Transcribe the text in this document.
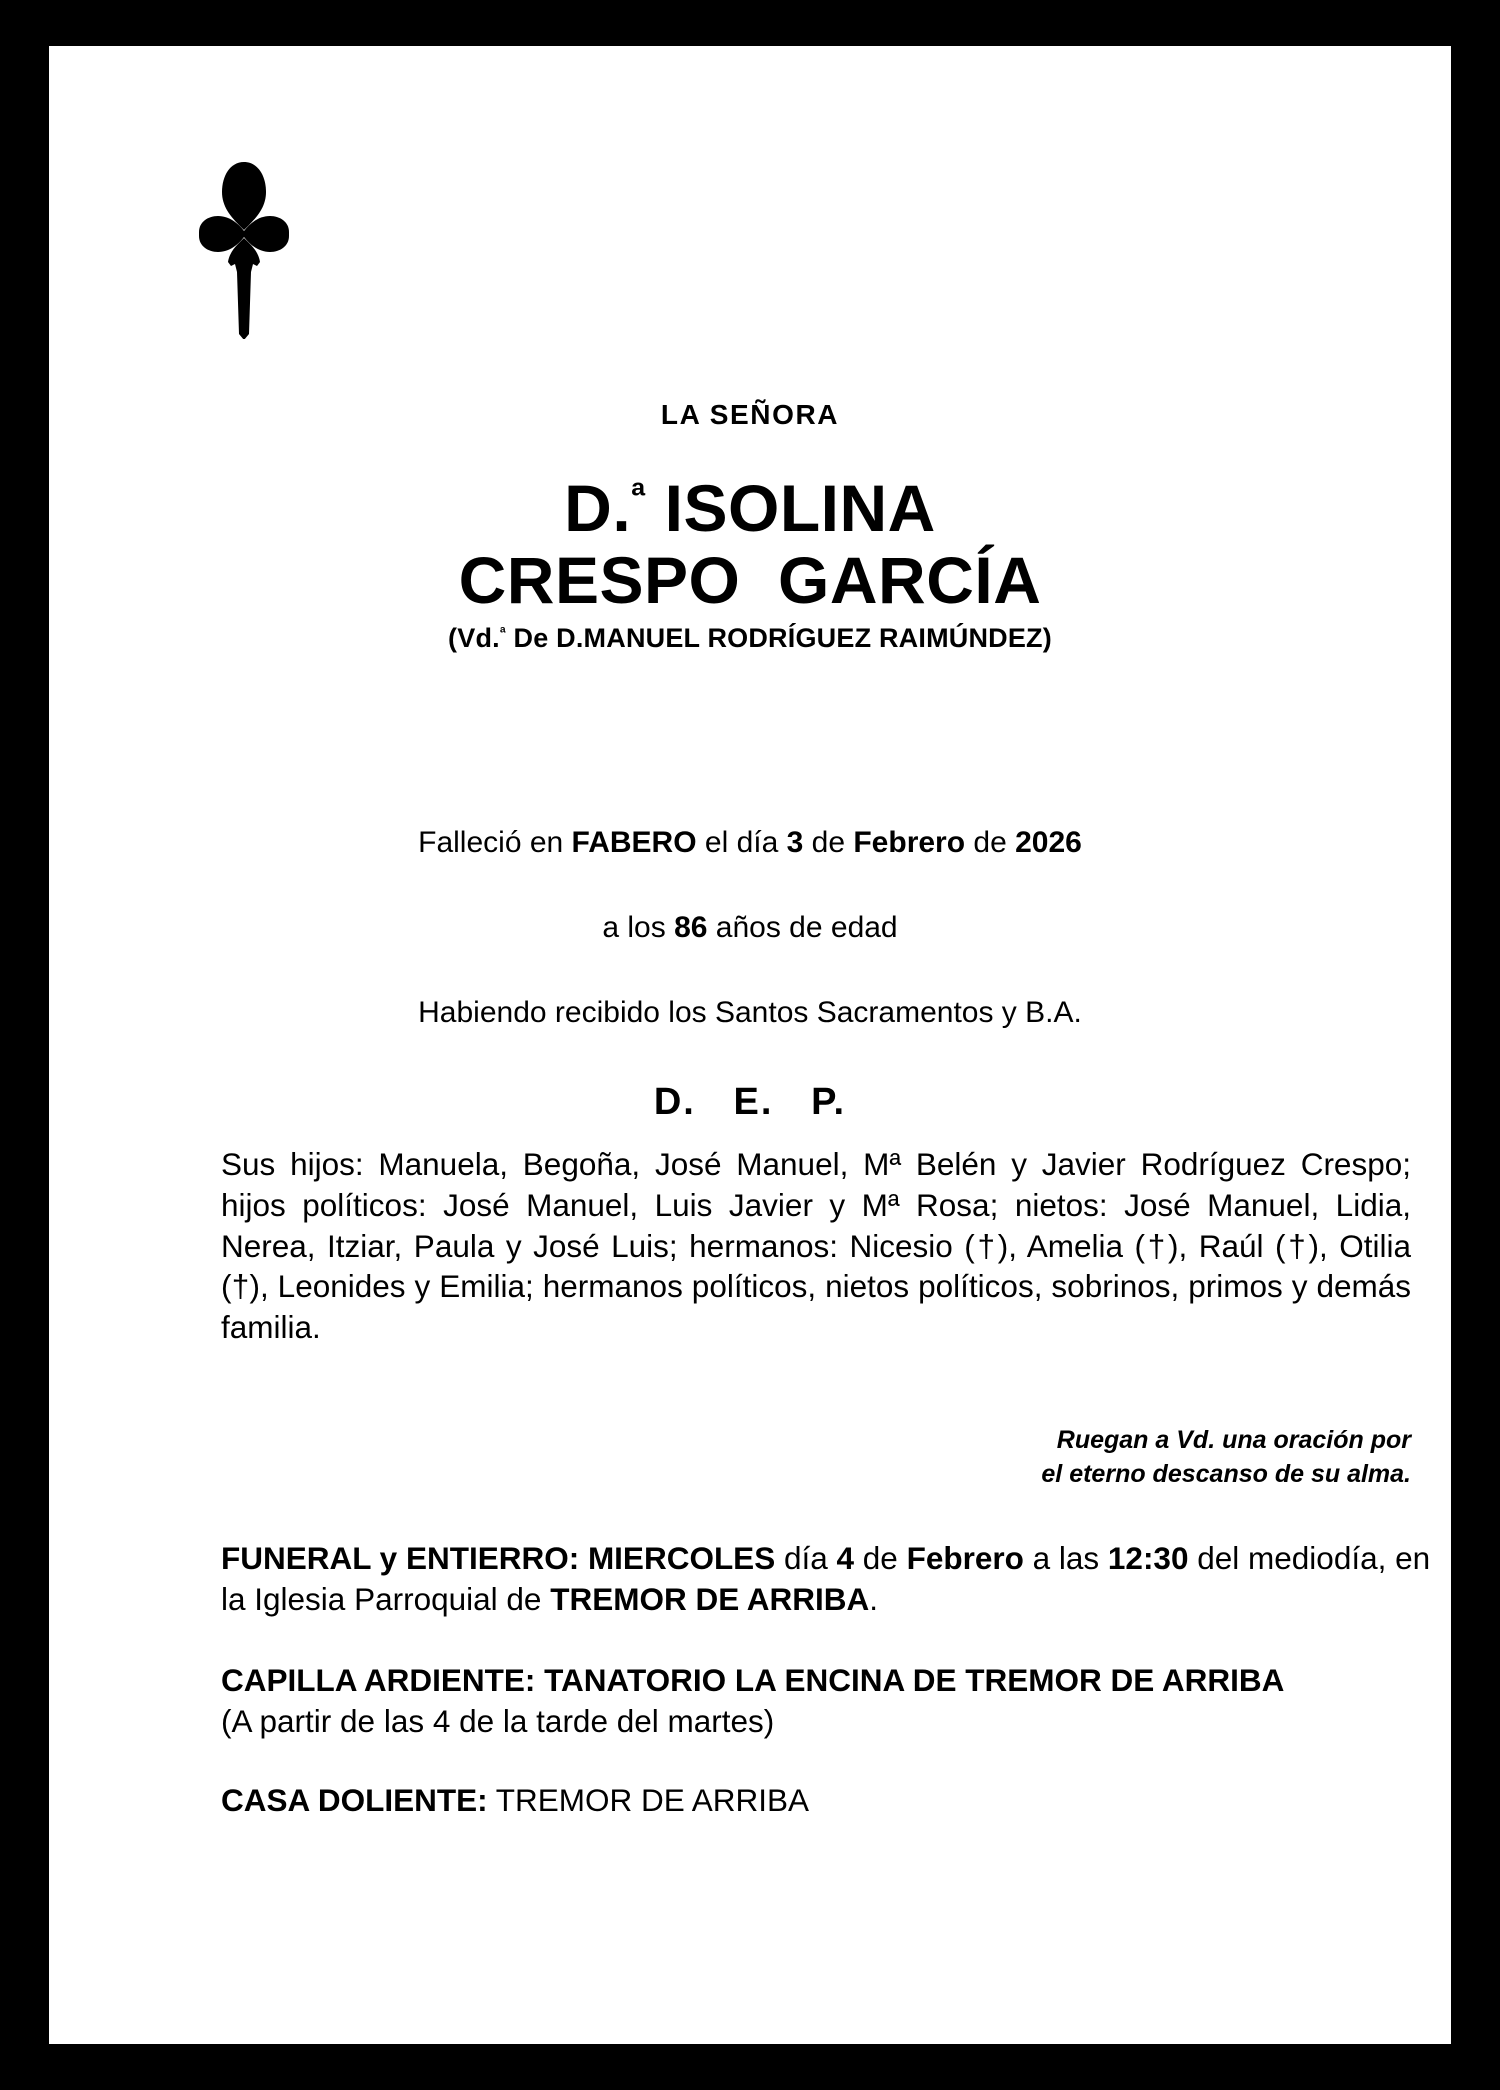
LA SEÑORA
D.$^ª$ ISOLINA
CRESPO  GARCÍA
(Vd.$^ª$ De D.MANUEL RODRÍGUEZ RAIMÚNDEZ)
Falleció en FABERO el día 3 de Febrero de 2026
a los 86 años de edad
Habiendo recibido los Santos Sacramentos y B.A.
D.   E.   P.
Sus hijos: Manuela, Begoña, José Manuel, Mª Belén y Javier Rodríguez Crespo; hijos políticos: José Manuel, Luis Javier y Mª Rosa; nietos: José Manuel, Lidia, Nerea, Itziar, Paula y José Luis; hermanos: Nicesio (†), Amelia (†), Raúl (†), Otilia (†), Leonides y Emilia; hermanos políticos, nietos políticos, sobrinos, primos y demás familia.
Ruegan a Vd. una oración por
el eterno descanso de su alma.

FUNERAL y ENTIERRO: MIERCOLES día 4 de Febrero a las 12:30 del mediodía, en la Iglesia Parroquial de TREMOR DE ARRIBA.

CAPILLA ARDIENTE: TANATORIO LA ENCINA DE TREMOR DE ARRIBA

(A partir de las 4 de la tarde del martes)

CASA DOLIENTE: TREMOR DE ARRIBA
